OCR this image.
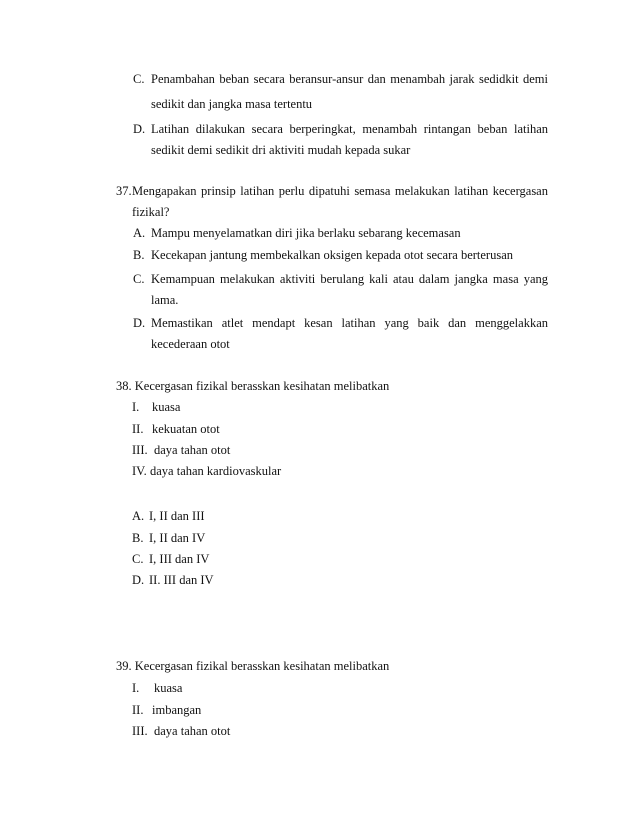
C. Penambahan beban secara beransur-ansur dan menambah jarak sedidkit demi
sedikit dan jangka masa tertentu
D. Latihan dilakukan secara berperingkat, menambah rintangan beban latihan
sedikit demi sedikit dri aktiviti mudah kepada sukar
37. Mengapakan prinsip latihan perlu dipatuhi semasa melakukan latihan kecergasan
fizikal?
A. Mampu menyelamatkan diri jika berlaku sebarang kecemasan
B. Kecekapan jantung membekalkan oksigen kepada otot secara berterusan
C. Kemampuan melakukan aktiviti berulang kali atau dalam jangka masa yang
lama.
D. Memastikan atlet mendapt kesan latihan yang baik dan menggelakkan
kecederaan otot
38. Kecergasan fizikal berasskan kesihatan melibatkan
I. kuasa
II. kekuatan otot
III. daya tahan otot
IV. daya tahan kardiovaskular
A. I, II dan III
B. I, II dan IV
C. I, III dan IV
D. II. III dan IV
39. Kecergasan fizikal berasskan kesihatan melibatkan
I. kuasa
II. imbangan
III. daya tahan otot
